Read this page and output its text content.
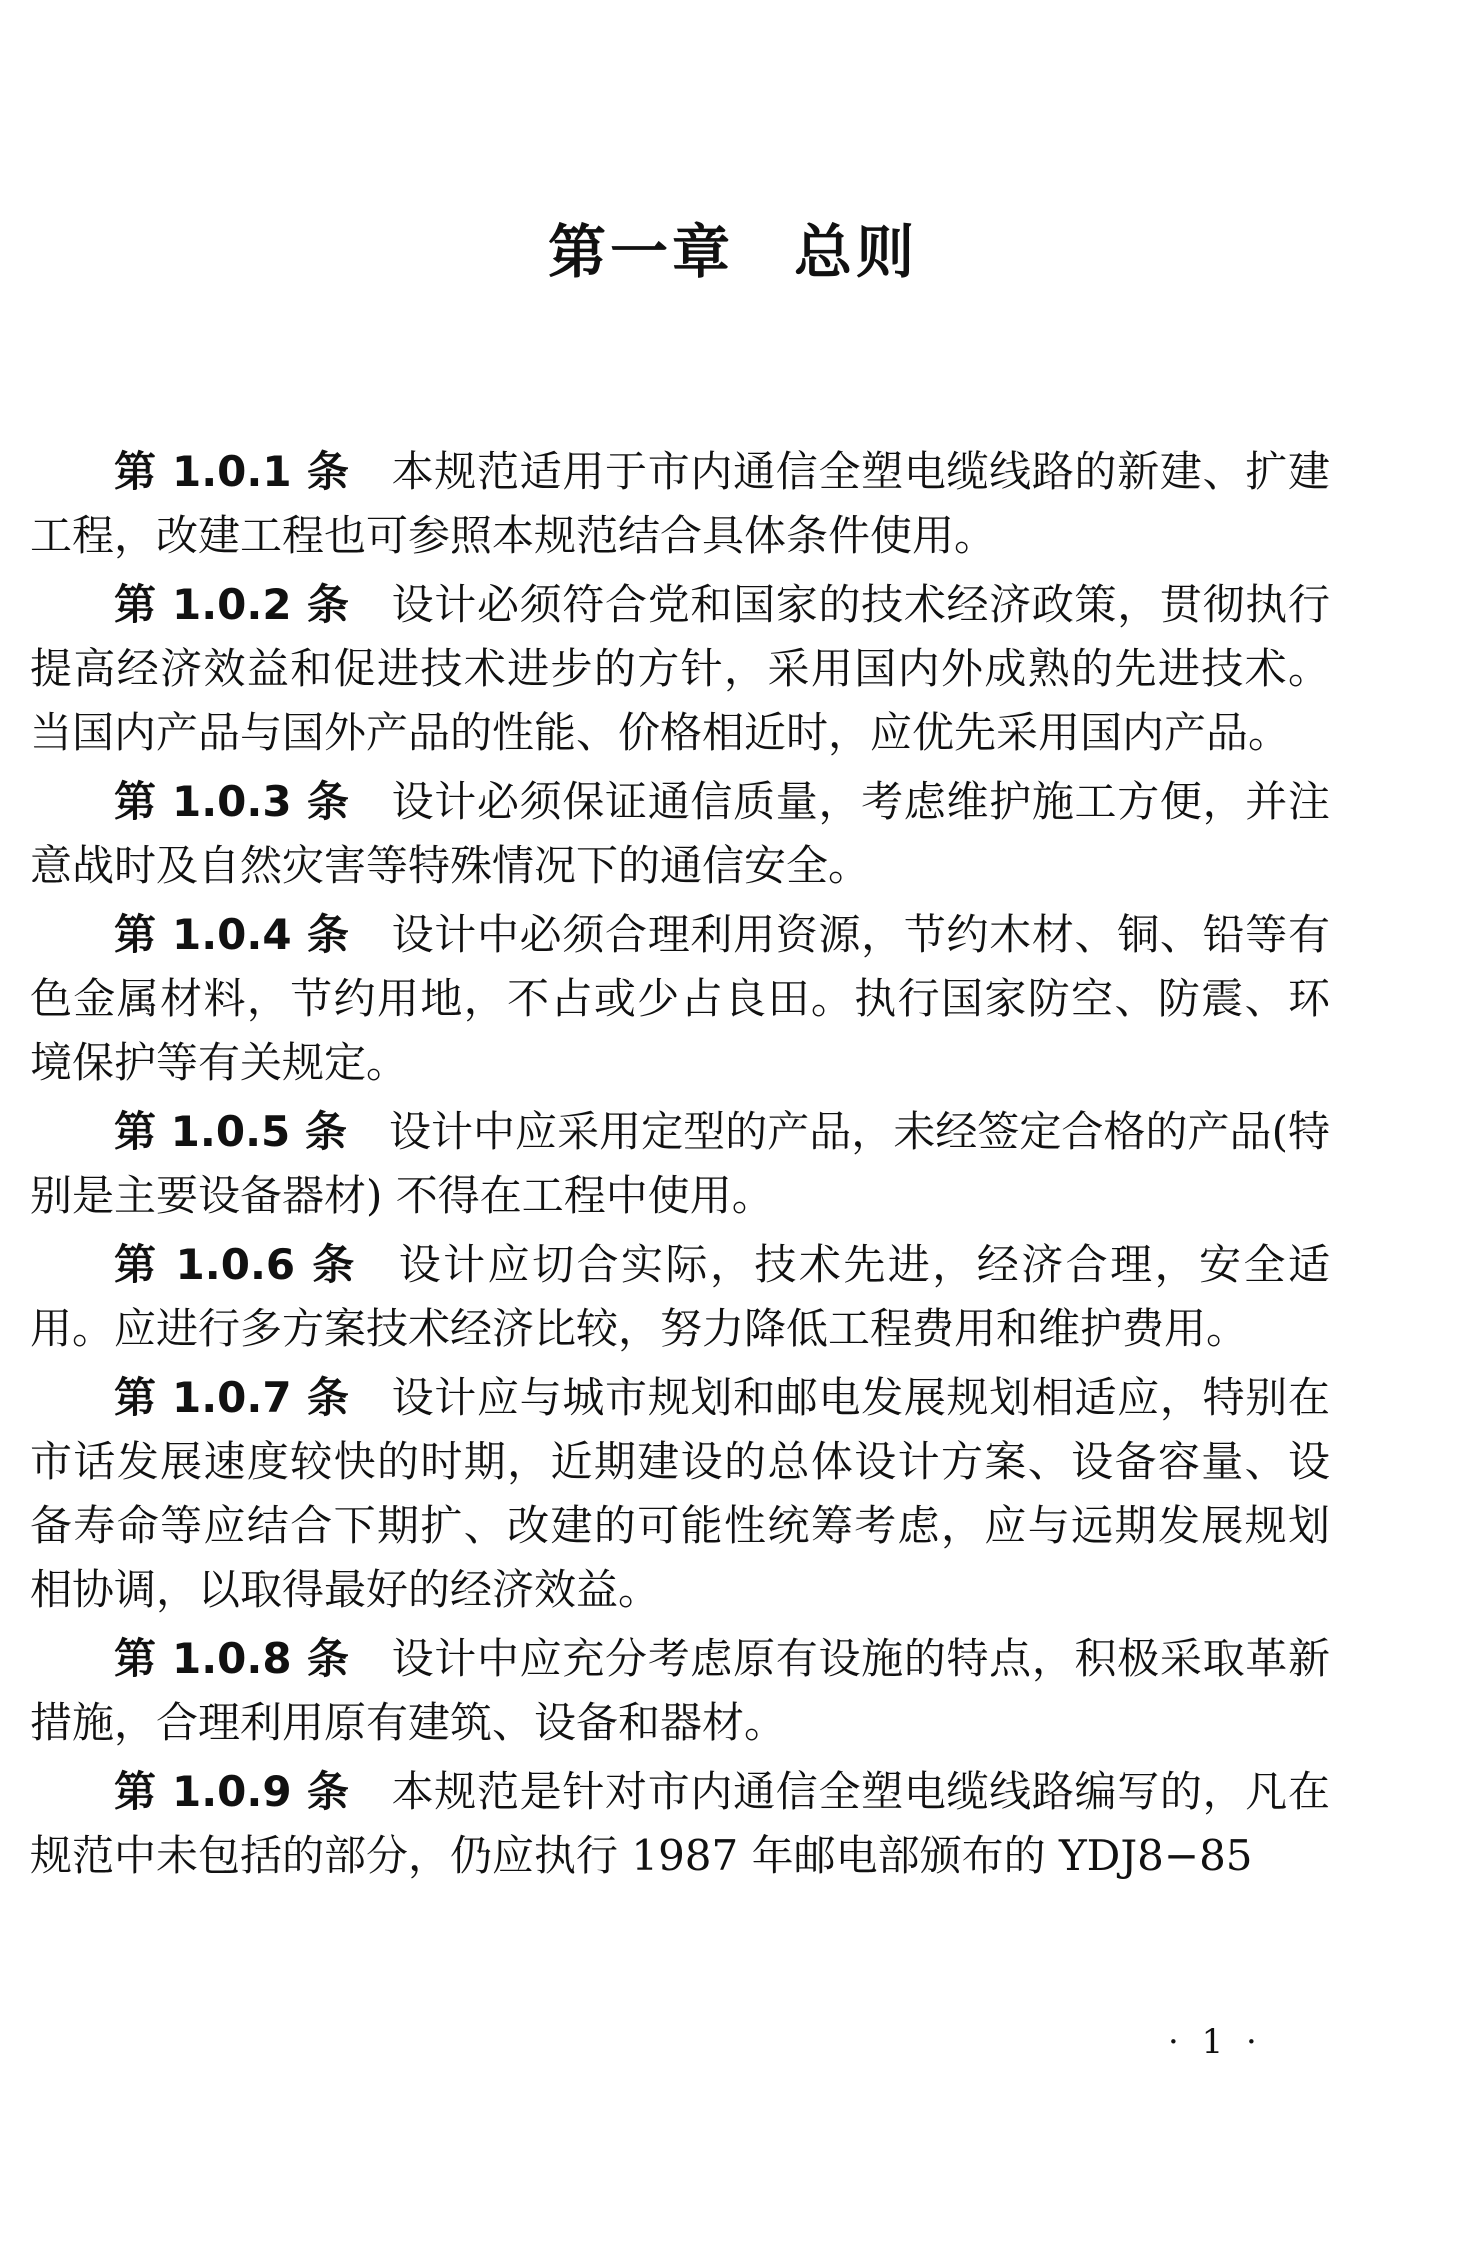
第一章 总则

第 1.0.1 条 本规范适用于市内通信全塑电缆线路的新建、扩建工程，改建工程也可参照本规范结合具体条件使用。

第 1.0.2 条 设计必须符合党和国家的技术经济政策，贯彻执行提高经济效益和促进技术进步的方针，采用国内外成熟的先进技术。当国内产品与国外产品的性能、价格相近时，应优先采用国内产品。

第 1.0.3 条 设计必须保证通信质量，考虑维护施工方便，并注意战时及自然灾害等特殊情况下的通信安全。

第 1.0.4 条 设计中必须合理利用资源，节约木材、铜、铅等有色金属材料，节约用地，不占或少占良田。执行国家防空、防震、环境保护等有关规定。

第 1.0.5 条 设计中应采用定型的产品，未经签定合格的产品(特别是主要设备器材) 不得在工程中使用。

第 1.0.6 条 设计应切合实际，技术先进，经济合理，安全适用。应进行多方案技术经济比较，努力降低工程费用和维护费用。

第 1.0.7 条 设计应与城市规划和邮电发展规划相适应，特别在市话发展速度较快的时期，近期建设的总体设计方案、设备容量、设备寿命等应结合下期扩、改建的可能性统筹考虑，应与远期发展规划相协调，以取得最好的经济效益。

第 1.0.8 条 设计中应充分考虑原有设施的特点，积极采取革新措施，合理利用原有建筑、设备和器材。

第 1.0.9 条 本规范是针对市内通信全塑电缆线路编写的，凡在规范中未包括的部分，仍应执行 1987 年邮电部颁布的 YDJ8−85

· 1 ·
